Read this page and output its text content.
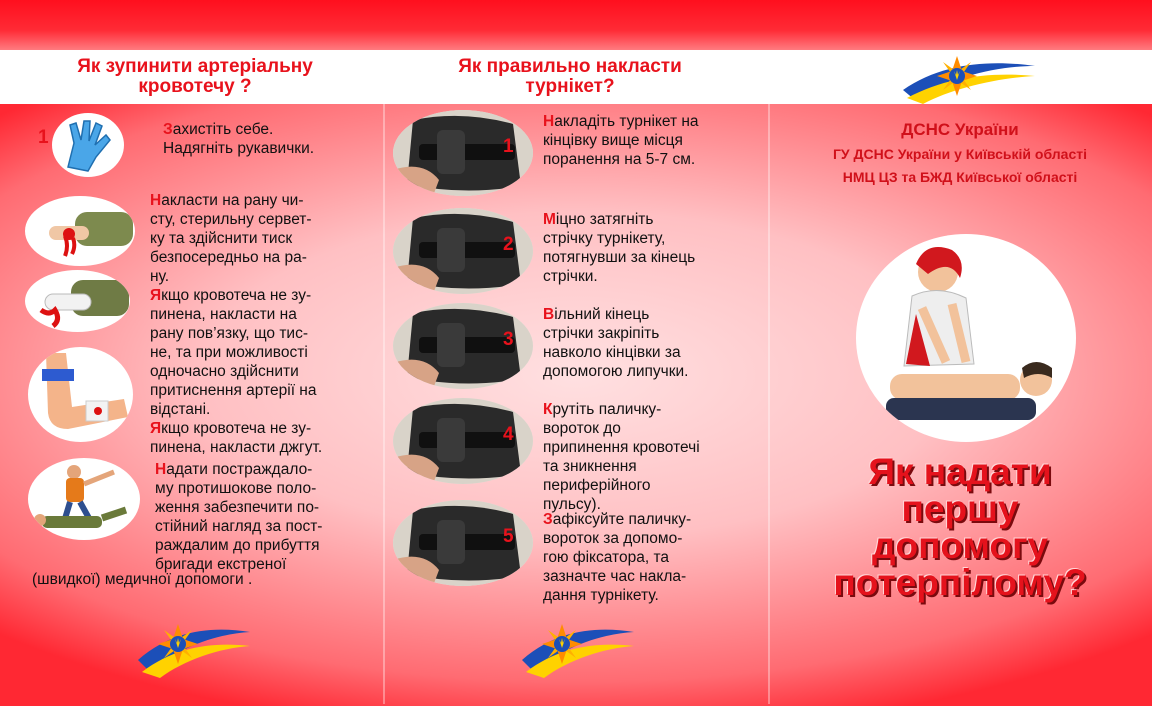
Як зупинити артеріальну
кровотечу ?
Як правильно накласти
турнікет?
1	Захистіть себе.
Надягніть рукавички.
Накласти на рану чи-
сту, стерильну сервет-
ку та здійснити тиск
безпосередньо на ра-
ну.
Якщо кровотеча не зу-
пинена, накласти на
рану пов’язку, що тис-
не, та при можливості
одночасно здійснити
притиснення артерії на
відстані.
Якщо кровотеча не зу-
пинена, накласти джгут.
Надати постраждало-
му протишокове поло-
ження забезпечити по-
стійний нагляд за пост-
раждалим до прибуття
бригади екстреної
(швидкої) медичної допомоги .
ДСНС України
ГУ ДСНС України у Київській області
НМЦ ЦЗ та БЖД Київської області
Як надати
першу
допомогу
потерпілому?
1
Накладіть турнікет на
кінцівку вище місця
поранення на 5-7 см.
2
Міцно затягніть
стрічку турнікету,
потягнувши за кінець
стрічки.
3
Вільний кінець
стрічки закріпіть
навколо кінцівки за
допомогою липучки.
4
Крутіть паличку-
вороток до
припинення кровотечі
та зникнення
периферійного
пульсу).
5
Зафіксуйте паличку-
вороток за допомо-
гою фіксатора, та
зазначте час накла-
дання турнікету.
